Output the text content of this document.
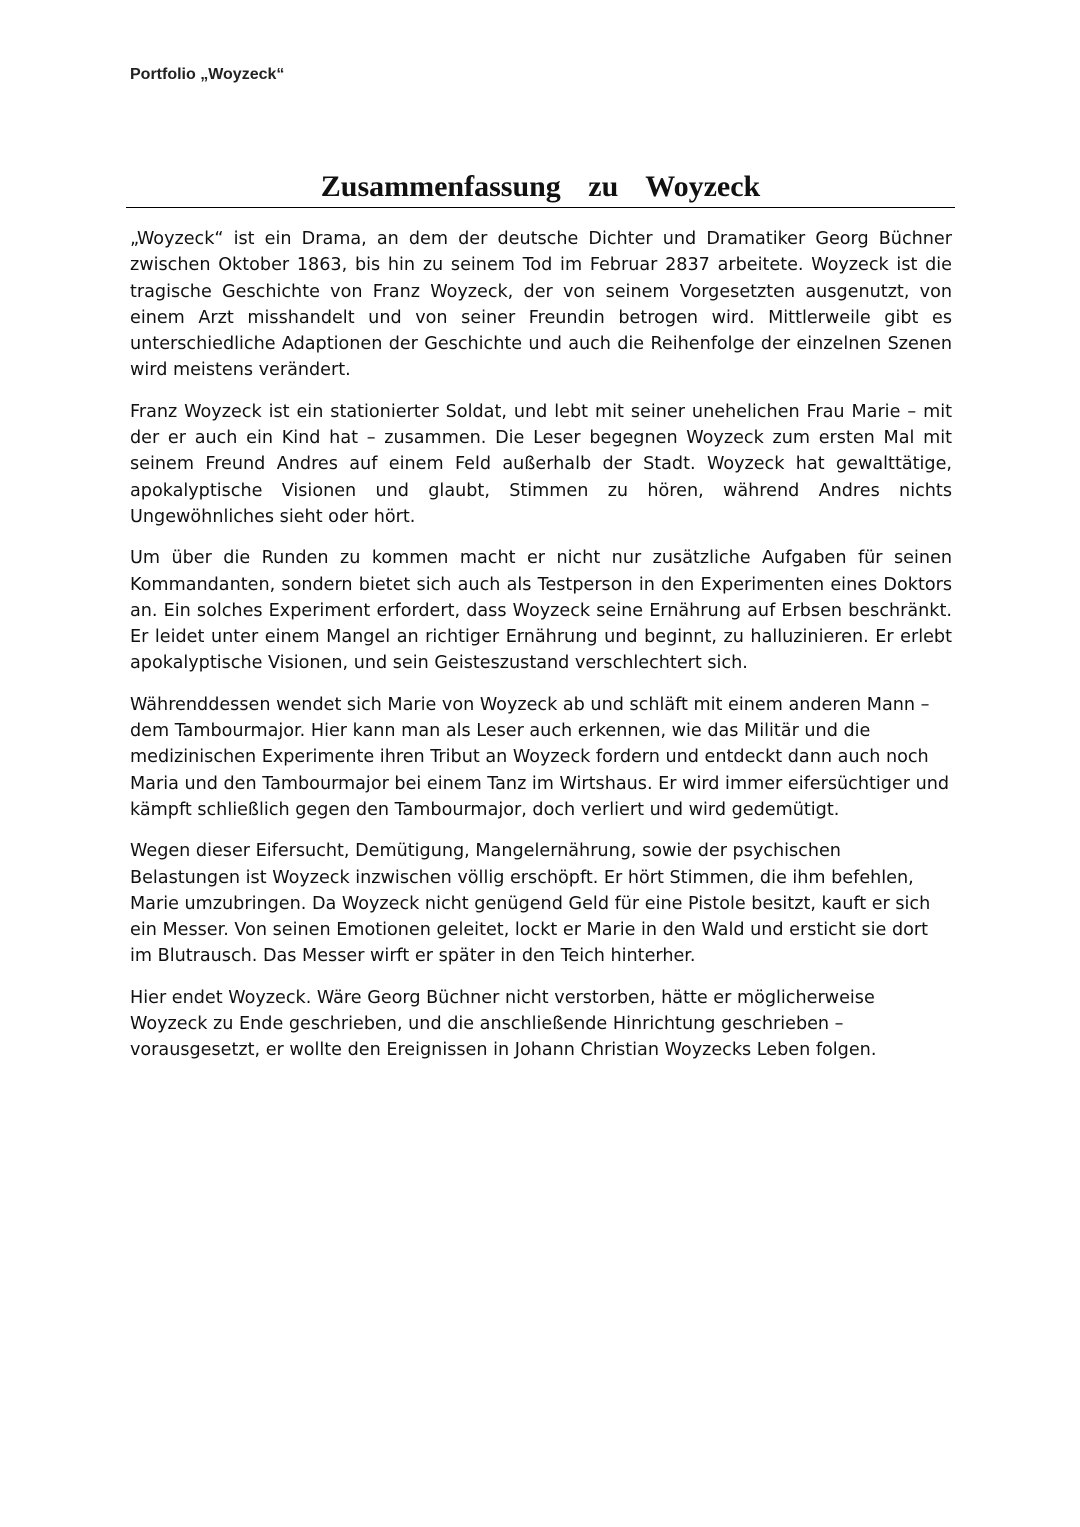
Portfolio „Woyzeck“
Zusammenfassung zu Woyzeck

„Woyzeck“ ist ein Drama, an dem der deutsche Dichter und Dramatiker Georg Büchner zwischen Oktober 1863, bis hin zu seinem Tod im Februar 2837 arbeitete. Woyzeck ist die tragische Geschichte von Franz Woyzeck, der von seinem Vorgesetzten ausgenutzt, von einem Arzt misshandelt und von seiner Freundin betrogen wird. Mittlerweile gibt es unterschiedliche Adaptionen der Geschichte und auch die Reihenfolge der einzelnen Szenen wird meistens verändert.

Franz Woyzeck ist ein stationierter Soldat, und lebt mit seiner unehelichen Frau Marie – mit der er auch ein Kind hat – zusammen. Die Leser begegnen Woyzeck zum ersten Mal mit seinem Freund Andres auf einem Feld außerhalb der Stadt. Woyzeck hat gewalttätige, apokalyptische Visionen und glaubt, Stimmen zu hören, während Andres nichts Ungewöhnliches sieht oder hört.

Um über die Runden zu kommen macht er nicht nur zusätzliche Aufgaben für seinen Kommandanten, sondern bietet sich auch als Testperson in den Experimenten eines Doktors an. Ein solches Experiment erfordert, dass Woyzeck seine Ernährung auf Erbsen beschränkt. Er leidet unter einem Mangel an richtiger Ernährung und beginnt, zu halluzinieren. Er erlebt apokalyptische Visionen, und sein Geisteszustand verschlechtert sich.

Währenddessen wendet sich Marie von Woyzeck ab und schläft mit einem anderen Mann – dem Tambourmajor. Hier kann man als Leser auch erkennen, wie das Militär und die medizinischen Experimente ihren Tribut an Woyzeck fordern und entdeckt dann auch noch Maria und den Tambourmajor bei einem Tanz im Wirtshaus. Er wird immer eifersüchtiger und kämpft schließlich gegen den Tambourmajor, doch verliert und wird gedemütigt.

Wegen dieser Eifersucht, Demütigung, Mangelernährung, sowie der psychischen Belastungen ist Woyzeck inzwischen völlig erschöpft. Er hört Stimmen, die ihm befehlen, Marie umzubringen. Da Woyzeck nicht genügend Geld für eine Pistole besitzt, kauft er sich ein Messer. Von seinen Emotionen geleitet, lockt er Marie in den Wald und ersticht sie dort im Blutrausch. Das Messer wirft er später in den Teich hinterher.

Hier endet Woyzeck. Wäre Georg Büchner nicht verstorben, hätte er möglicherweise Woyzeck zu Ende geschrieben, und die anschließende Hinrichtung geschrieben – vorausgesetzt, er wollte den Ereignissen in Johann Christian Woyzecks Leben folgen.
